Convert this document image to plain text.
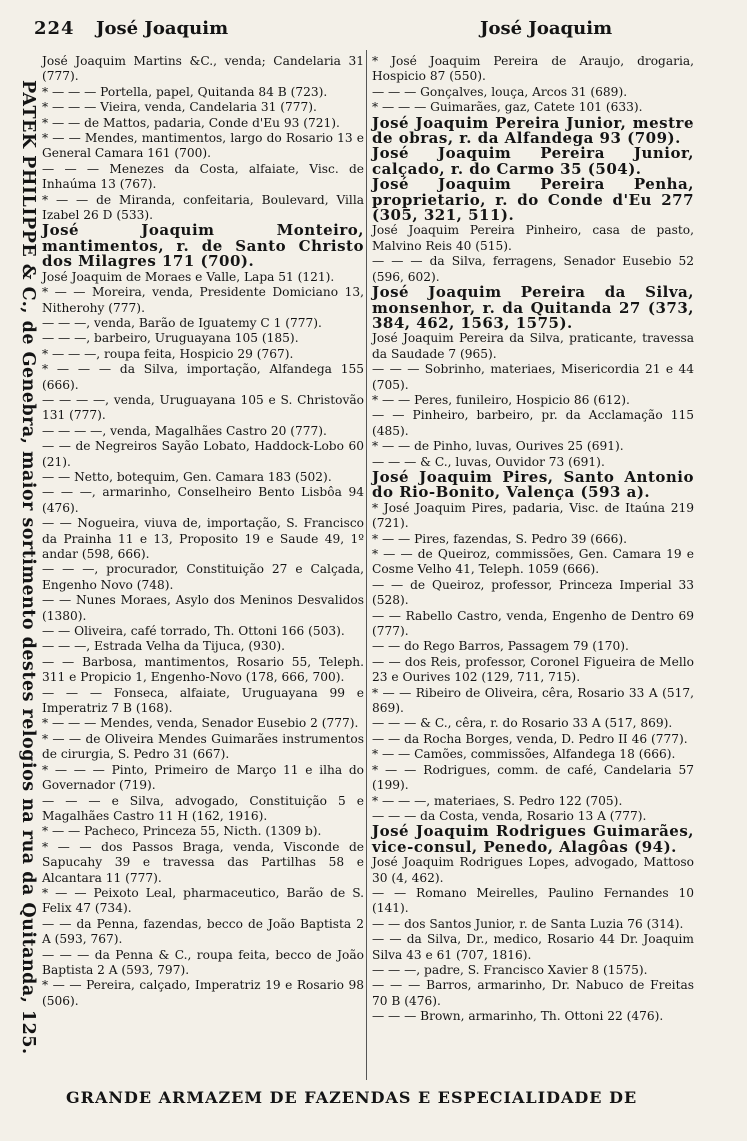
224 José Joaquim	José Joaquim
PATEK PHILIPPE & C., de Genebra, maior sortimento destes relogios na rua da Quitanda, 125.
José Joaquim Martins &C., venda; Candelaria 31 (777).
* — — — Portella, papel, Quitanda 84 B (723).
* — — — Vieira, venda, Candelaria 31 (777).
* — — de Mattos, padaria, Conde d'Eu 93 (721).
* — — Mendes, mantimentos, largo do Rosario 13 e General Camara 161 (700).
— — — Menezes da Costa, alfaiate, Visc. de Inhaúma 13 (767).
* — — de Miranda, confeitaria, Boulevard, Villa Izabel 26 D (533).
José Joaquim Monteiro, mantimentos, r. de Santo Christo dos Milagres 171 (700).
José Joaquim de Moraes e Valle, Lapa 51 (121).
* — — Moreira, venda, Presidente Domiciano 13, Nitherohy (777).
— — —, venda, Barão de Iguatemy C 1 (777).
— — —, barbeiro, Uruguayana 105 (185).
* — — —, roupa feita, Hospicio 29 (767).
* — — — da Silva, importação, Alfandega 155 (666).
— — — —, venda, Uruguayana 105 e S. Christovão 131 (777).
— — — —, venda, Magalhães Castro 20 (777).
— — de Negreiros Sayão Lobato, Haddock-Lobo 60 (21).
— — Netto, botequim, Gen. Camara 183 (502).
— — —, armarinho, Conselheiro Bento Lisbôa 94 (476).
— — Nogueira, viuva de, importação, S. Francisco da Prainha 11 e 13, Proposito 19 e Saude 49, 1º andar (598, 666).
— — —, procurador, Constituição 27 e Calçada, Engenho Novo (748).
— — Nunes Moraes, Asylo dos Meninos Desvalidos (1380).
— — Oliveira, café torrado, Th. Ottoni 166 (503).
— — —, Estrada Velha da Tijuca, (930).
— — Barbosa, mantimentos, Rosario 55, Teleph. 311 e Propicio 1, Engenho-Novo (178, 666, 700).
— — — Fonseca, alfaiate, Uruguayana 99 e Imperatriz 7 B (168).
* — — — Mendes, venda, Senador Eusebio 2 (777).
* — — de Oliveira Mendes Guimarães instrumentos de cirurgia, S. Pedro 31 (667).
* — — — Pinto, Primeiro de Março 11 e ilha do Governador (719).
— — — e Silva, advogado, Constituição 5 e Magalhães Castro 11 H (162, 1916).
* — — Pacheco, Princeza 55, Nicth. (1309 b).
* — — dos Passos Braga, venda, Visconde de Sapucahy 39 e travessa das Partilhas 58 e Alcantara 11 (777).
* — — Peixoto Leal, pharmaceutico, Barão de S. Felix 47 (734).
— — da Penna, fazendas, becco de João Baptista 2 A (593, 767).
— — — da Penna & C., roupa feita, becco de João Baptista 2 A (593, 797).
* — — Pereira, calçado, Imperatriz 19 e Rosario 98 (506).
* José Joaquim Pereira de Araujo, drogaria, Hospicio 87 (550).
— — — Gonçalves, louça, Arcos 31 (689).
* — — — Guimarães, gaz, Catete 101 (633).
José Joaquim Pereira Junior, mestre de obras, r. da Alfandega 93 (709).
José Joaquim Pereira Junior, calçado, r. do Carmo 35 (504).
José Joaquim Pereira Penha, proprietario, r. do Conde d'Eu 277 (305, 321, 511).
José Joaquim Pereira Pinheiro, casa de pasto, Malvino Reis 40 (515).
— — — da Silva, ferragens, Senador Eusebio 52 (596, 602).
José Joaquim Pereira da Silva, monsenhor, r. da Quitanda 27 (373, 384, 462, 1563, 1575).
José Joaquim Pereira da Silva, praticante, travessa da Saudade 7 (965).
— — — Sobrinho, materiaes, Misericordia 21 e 44 (705).
* — — Peres, funileiro, Hospicio 86 (612).
— — Pinheiro, barbeiro, pr. da Acclamação 115 (485).
* — — de Pinho, luvas, Ourives 25 (691).
— — — & C., luvas, Ouvidor 73 (691).
José Joaquim Pires, Santo Antonio do Rio-Bonito, Valença (593 a).
* José Joaquim Pires, padaria, Visc. de Itaúna 219 (721).
* — — Pires, fazendas, S. Pedro 39 (666).
* — — de Queiroz, commissões, Gen. Camara 19 e Cosme Velho 41, Teleph. 1059 (666).
— — de Queiroz, professor, Princeza Imperial 33 (528).
— — Rabello Castro, venda, Engenho de Dentro 69 (777).
— — do Rego Barros, Passagem 79 (170).
— — dos Reis, professor, Coronel Figueira de Mello 23 e Ourives 102 (129, 711, 715).
* — — Ribeiro de Oliveira, cêra, Rosario 33 A (517, 869).
— — — & C., cêra, r. do Rosario 33 A (517, 869).
— — da Rocha Borges, venda, D. Pedro II 46 (777).
* — — Camões, commissões, Alfandega 18 (666).
* — — Rodrigues, comm. de café, Candelaria 57 (199).
* — — —, materiaes, S. Pedro 122 (705).
— — — da Costa, venda, Rosario 13 A (777).
José Joaquim Rodrigues Guimarães, vice-consul, Penedo, Alagôas (94).
José Joaquim Rodrigues Lopes, advogado, Mattoso 30 (4, 462).
— — Romano Meirelles, Paulino Fernandes 10 (141).
— — dos Santos Junior, r. de Santa Luzia 76 (314).
— — da Silva, Dr., medico, Rosario 44 Dr. Joaquim Silva 43 e 61 (707, 1816).
— — —, padre, S. Francisco Xavier 8 (1575).
— — — Barros, armarinho, Dr. Nabuco de Freitas 70 B (476).
— — — Brown, armarinho, Th. Ottoni 22 (476).
GRANDE ARMAZEM DE FAZENDAS E ESPECIALIDADE DE
